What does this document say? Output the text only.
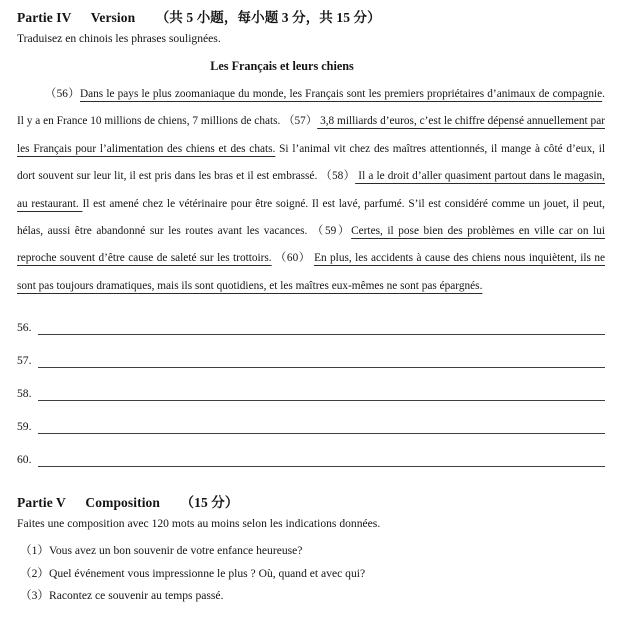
Partie IV Version （共 5 小题，每小题 3 分，共 15 分）
Traduisez en chinois les phrases soulignées.
Les Français et leurs chiens

（56）Dans le pays le plus zoomaniaque du monde, les Français sont les premiers propriétaires d’animaux de compagnie. Il y a en France 10 millions de chiens, 7 millions de chats. （57） 3,8 milliards d’euros, c’est le chiffre dépensé annuellement par les Français pour l’alimentation des chiens et des chats. Si l’animal vit chez des maîtres attentionnés, il mange à côté d’eux, il dort souvent sur leur lit, il est pris dans les bras et il est embrassé. （58） Il a le droit d’aller quasiment partout dans le magasin, au restaurant. Il est amené chez le vétérinaire pour être soigné. Il est lavé, parfumé. S’il est considéré comme un jouet, il peut, hélas, aussi être abandonné sur les routes avant les vacances. （59）Certes, il pose bien des problèmes en ville car on lui reproche souvent d’être cause de saleté sur les trottoirs. （60） En plus, les accidents à cause des chiens nous inquiètent, ils ne sont pas toujours dramatiques, mais ils sont quotidiens, et les maîtres eux-mêmes ne sont pas épargnés.

56.
57.
58.
59.
60.
Partie V Composition （15 分）
Faites une composition avec 120 mots au moins selon les indications données.
（1）Vous avez un bon souvenir de votre enfance heureuse?
（2）Quel événement vous impressionne le plus ? Où, quand et avec qui?
（3）Racontez ce souvenir au temps passé.
